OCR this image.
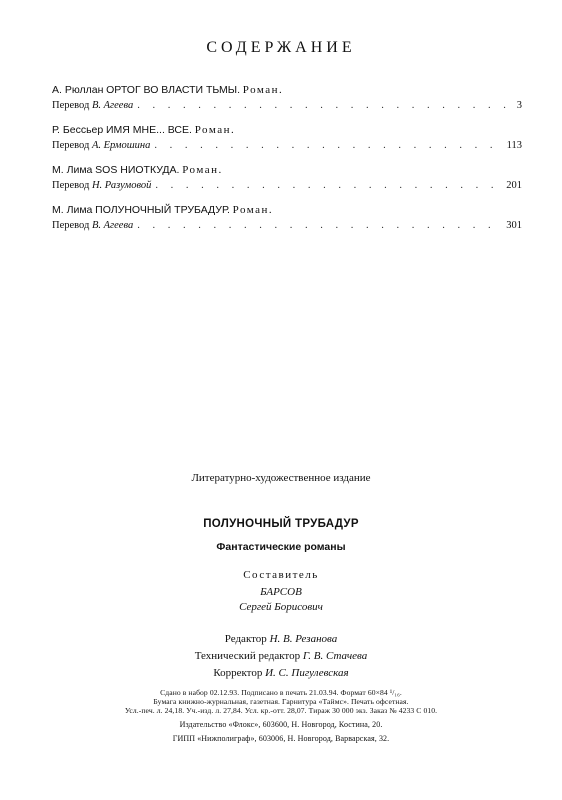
СОДЕРЖАНИЕ
А. Рюллан ОРТОГ ВО ВЛАСТИ ТЬМЫ. Роман.
Перевод В. Агеева . . .	3
Р. Бессьер ИМЯ МНЕ... ВСЕ. Роман.
Перевод А. Ермошина . . .	113
М. Лима SOS НИОТКУДА. Роман.
Перевод Н. Разумовой . . .	201
М. Лима ПОЛУНОЧНЫЙ ТРУБАДУР. Роман.
Перевод В. Агеева . . .	301
Литературно-художественное издание
ПОЛУНОЧНЫЙ ТРУБАДУР
Фантастические романы
Составитель
БАРСОВ
Сергей Борисович
Редактор Н. В. Резанова
Технический редактор Г. В. Стачева
Корректор И. С. Пигулевская
Сдано в набор 02.12.93. Подписано в печать 21.03.94. Формат 60×84 ¹/₁₆.
Бумага книжно-журнальная, газетная. Гарнитура «Таймс». Печать офсетная.
Усл.-печ. л. 24,18. Уч.-изд. л. 27,84. Усл. кр.-отт. 28,07. Тираж 30 000 экз. Заказ № 4233 С 010.
Издательство «Флокс», 603600, Н. Новгород, Костина, 20.
ГИПП «Нижполиграф», 603006, Н. Новгород, Варварская, 32.
